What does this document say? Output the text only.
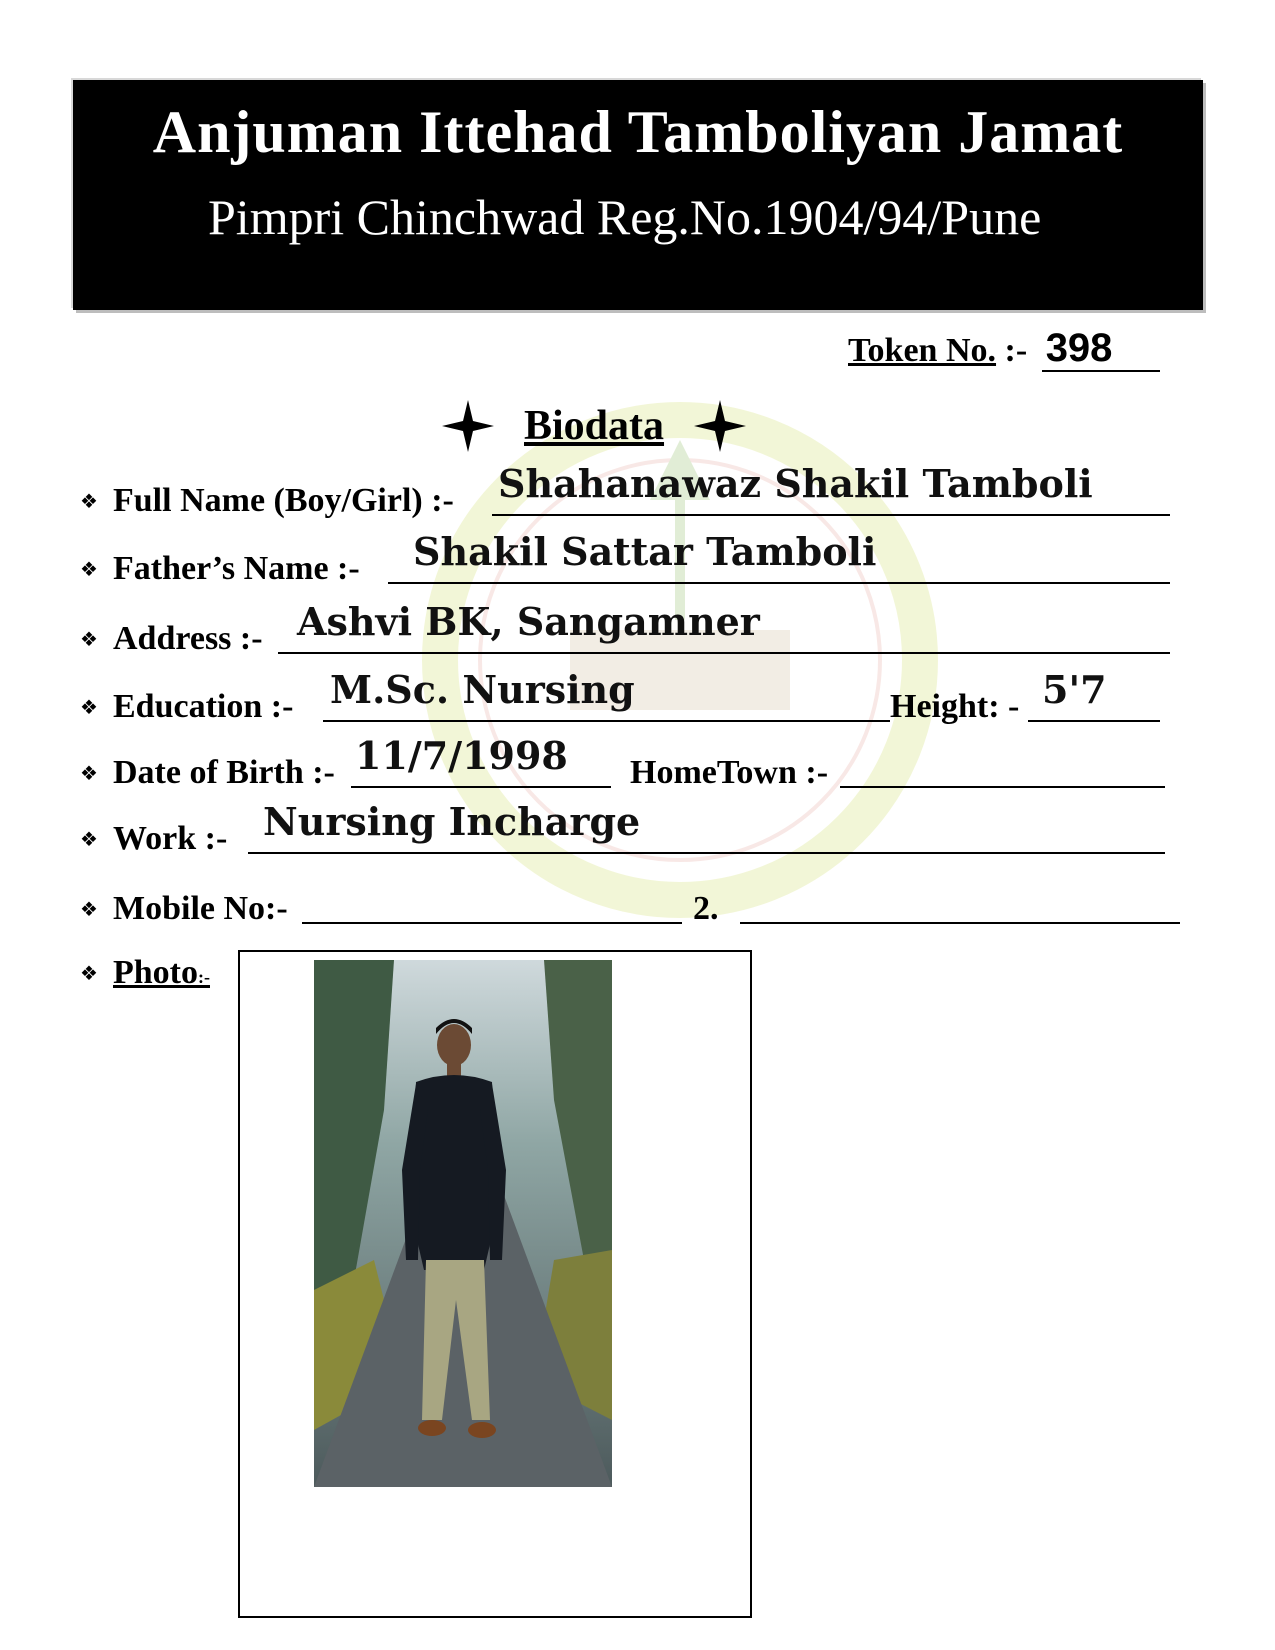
Anjuman Ittehad Tamboliyan Jamat
Pimpri Chinchwad Reg.No.1904/94/Pune
Token No. :- 398
Biodata
❖ Full Name (Boy/Girl) :- Shahanawaz Shakil Tamboli
❖ Father’s Name :- Shakil Sattar Tamboli
❖ Address :- Ashvi BK, Sangamner
❖ Education :- M.Sc. Nursing	Height: - 5'7
❖ Date of Birth :- 11/7/1998 HomeTown :-
❖ Work :- Nursing Incharge
❖ Mobile No:-	2.
❖ Photo:-
